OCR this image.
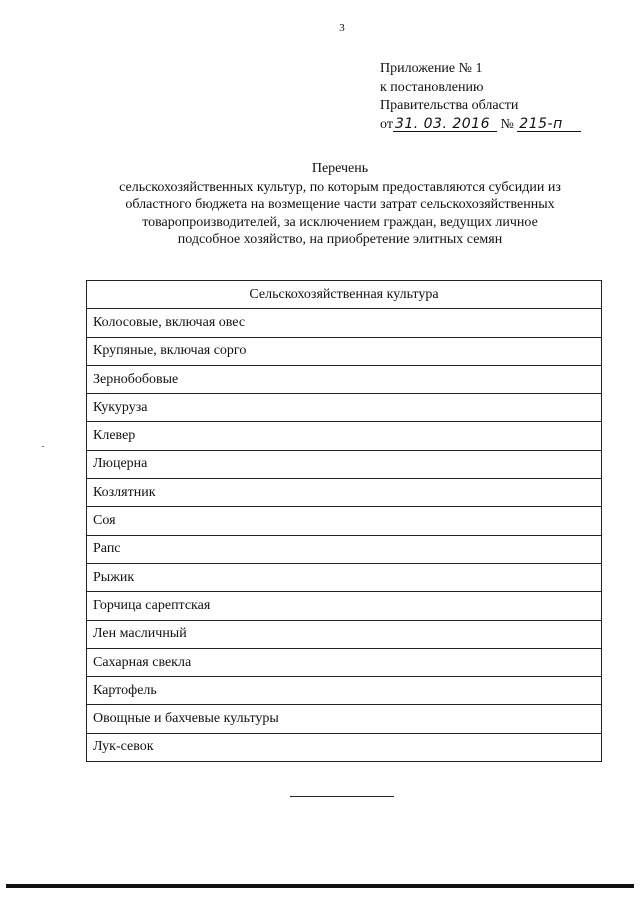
3
Приложение № 1
к постановлению
Правительства области
от 31. 03. 2016 № 215-п
Перечень
сельскохозяйственных культур, по которым предоставляются субсидии из
областного бюджета на возмещение части затрат сельскохозяйственных
товаропроизводителей, за исключением граждан, ведущих личное
подсобное хозяйство, на приобретение элитных семян
Сельскохозяйственная культура
Колосовые, включая овес
Крупяные, включая сорго
Зернобобовые
Кукуруза
Клевер
Люцерна
Козлятник
Соя
Рапс
Рыжик
Горчица сарептская
Лен масличный
Сахарная свекла
Картофель
Овощные и бахчевые культуры
Лук-севок
